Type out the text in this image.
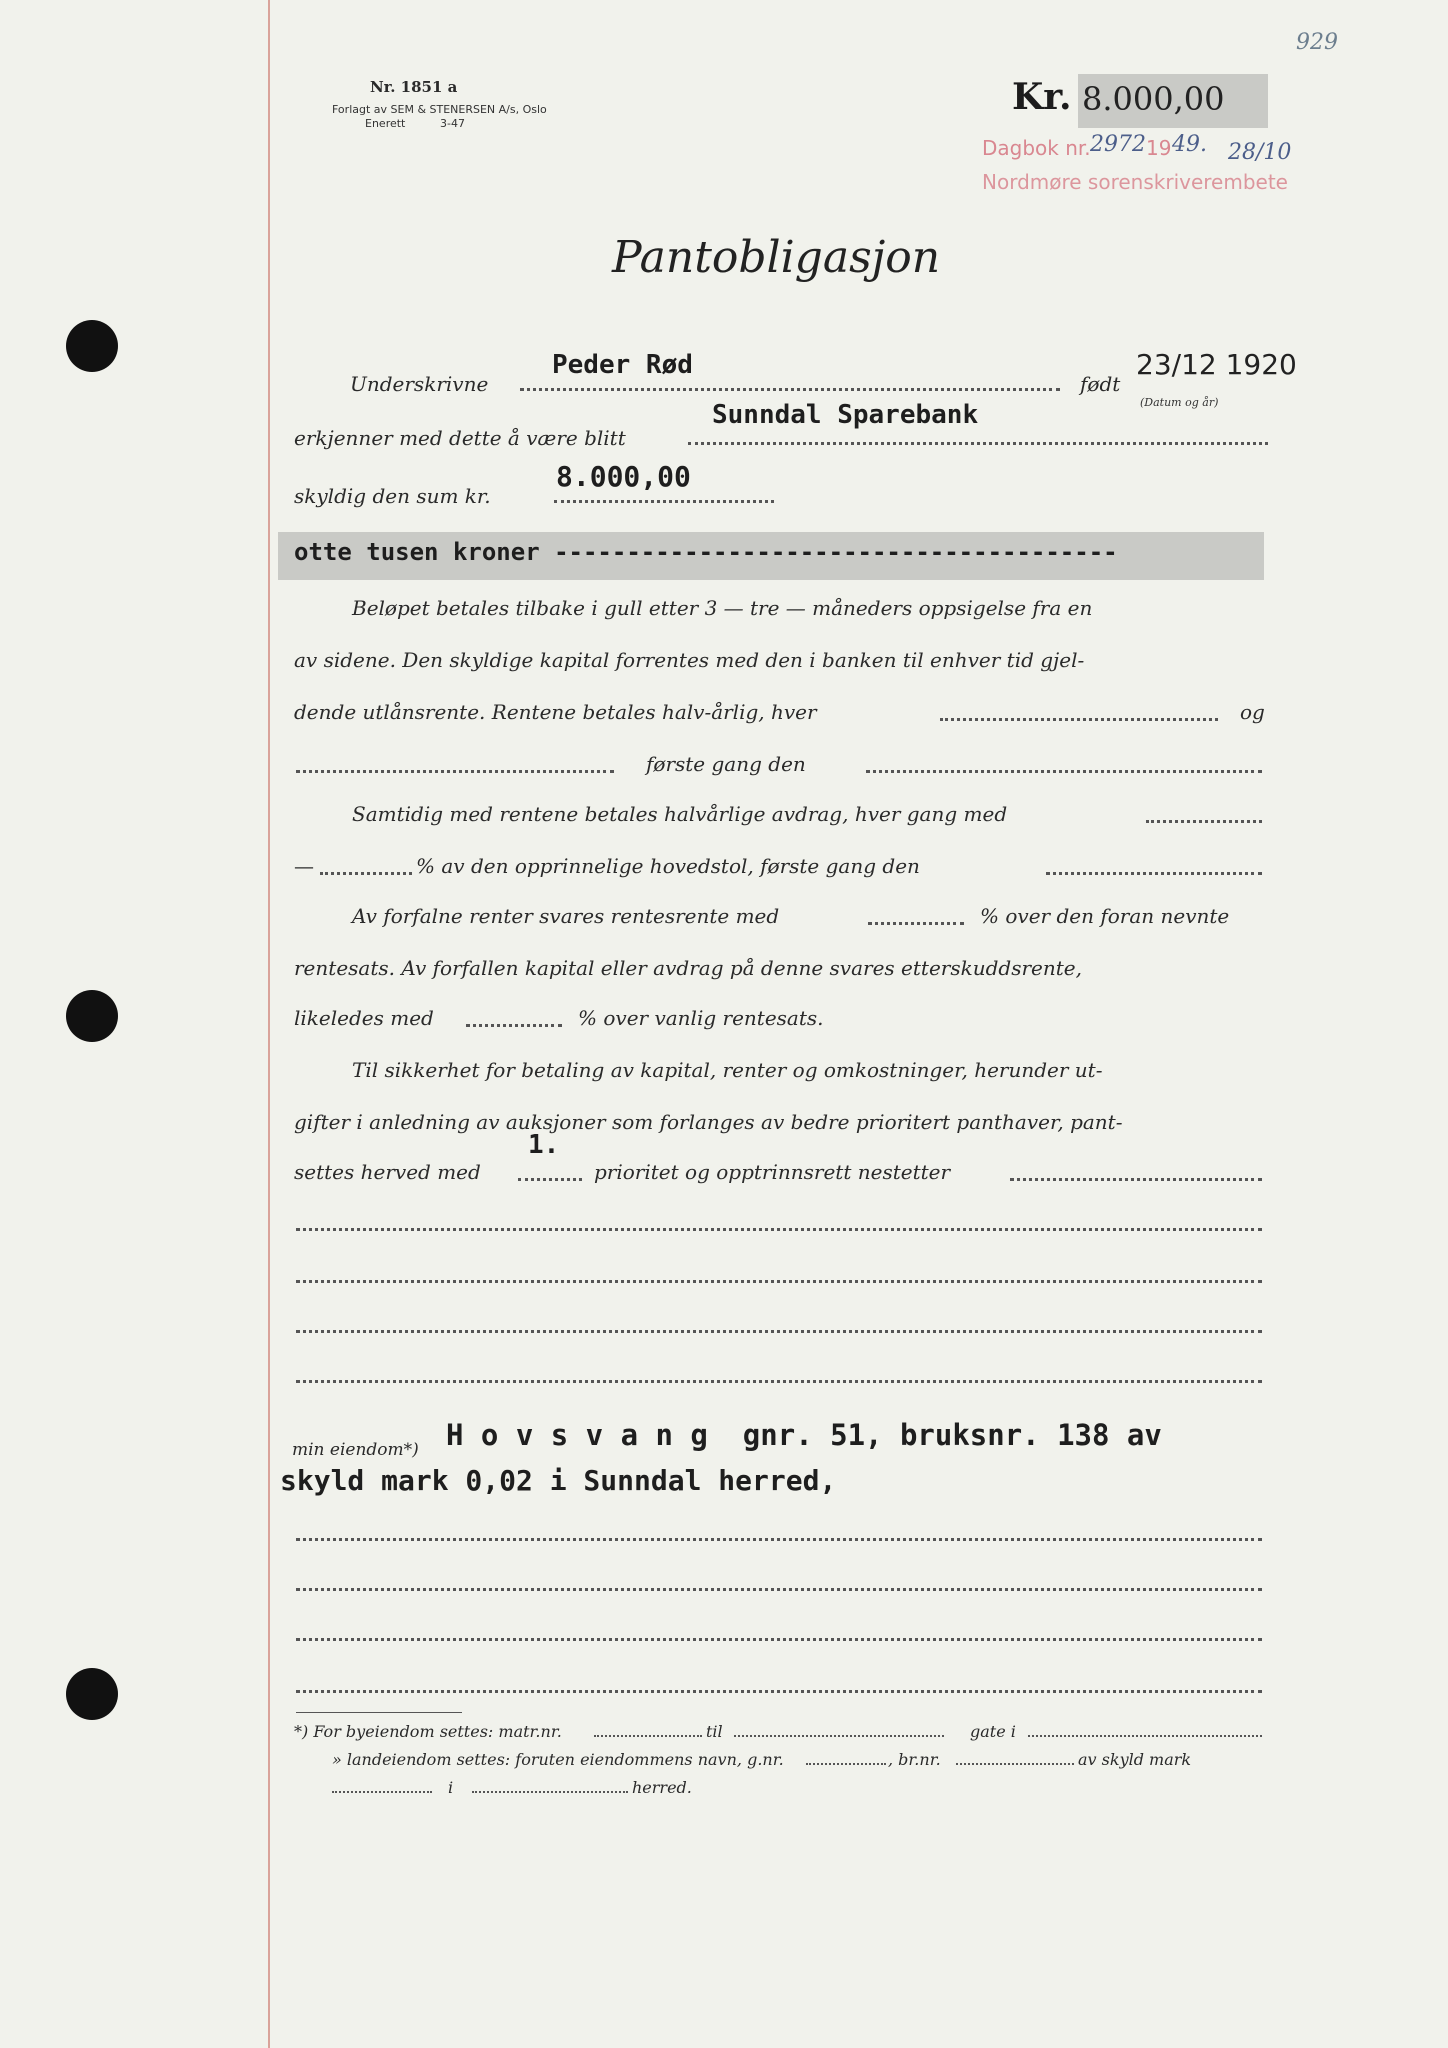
929
Nr. 1851 a
Forlagt av SEM & STENERSEN A/s, Oslo
Enerett	3-47
Kr. 8.000,00
Dagbok nr. 2972 19 49. 28/10
Nordmøre sorenskriverembete
Pantobligasjon
Underskrivne
Peder Rød
født
23/12 1920
(Datum og år)
erkjenner med dette å være blitt
Sunndal Sparebank
skyldig den sum kr.
8.000,00
otte tusen kroner ---------------------------------------
Beløpet betales tilbake i gull etter 3 — tre — måneders oppsigelse fra en
av sidene. Den skyldige kapital forrentes med den i banken til enhver tid gjel-
dende utlånsrente. Rentene betales halv-årlig, hver	og
første gang den
Samtidig med rentene betales halvårlige avdrag, hver gang med
—	% av den opprinnelige hovedstol, første gang den
Av forfalne renter svares rentesrente med	% over den foran nevnte
rentesats. Av forfallen kapital eller avdrag på denne svares etterskuddsrente,
likeledes med	% over vanlig rentesats.
Til sikkerhet for betaling av kapital, renter og omkostninger, herunder ut-
gifter i anledning av auksjoner som forlanges av bedre prioritert panthaver, pant-
settes herved med
1.
prioritet og opptrinnsrett nestetter
min eiendom*) H o v s v a n g  gnr. 51, bruksnr. 138 av
skyld mark 0,02 i Sunndal herred,
*) For byeiendom settes: matr.nr.	til	gate i
» landeiendom settes: foruten eiendommens navn, g.nr.	, br.nr.	av skyld mark
i	herred.
